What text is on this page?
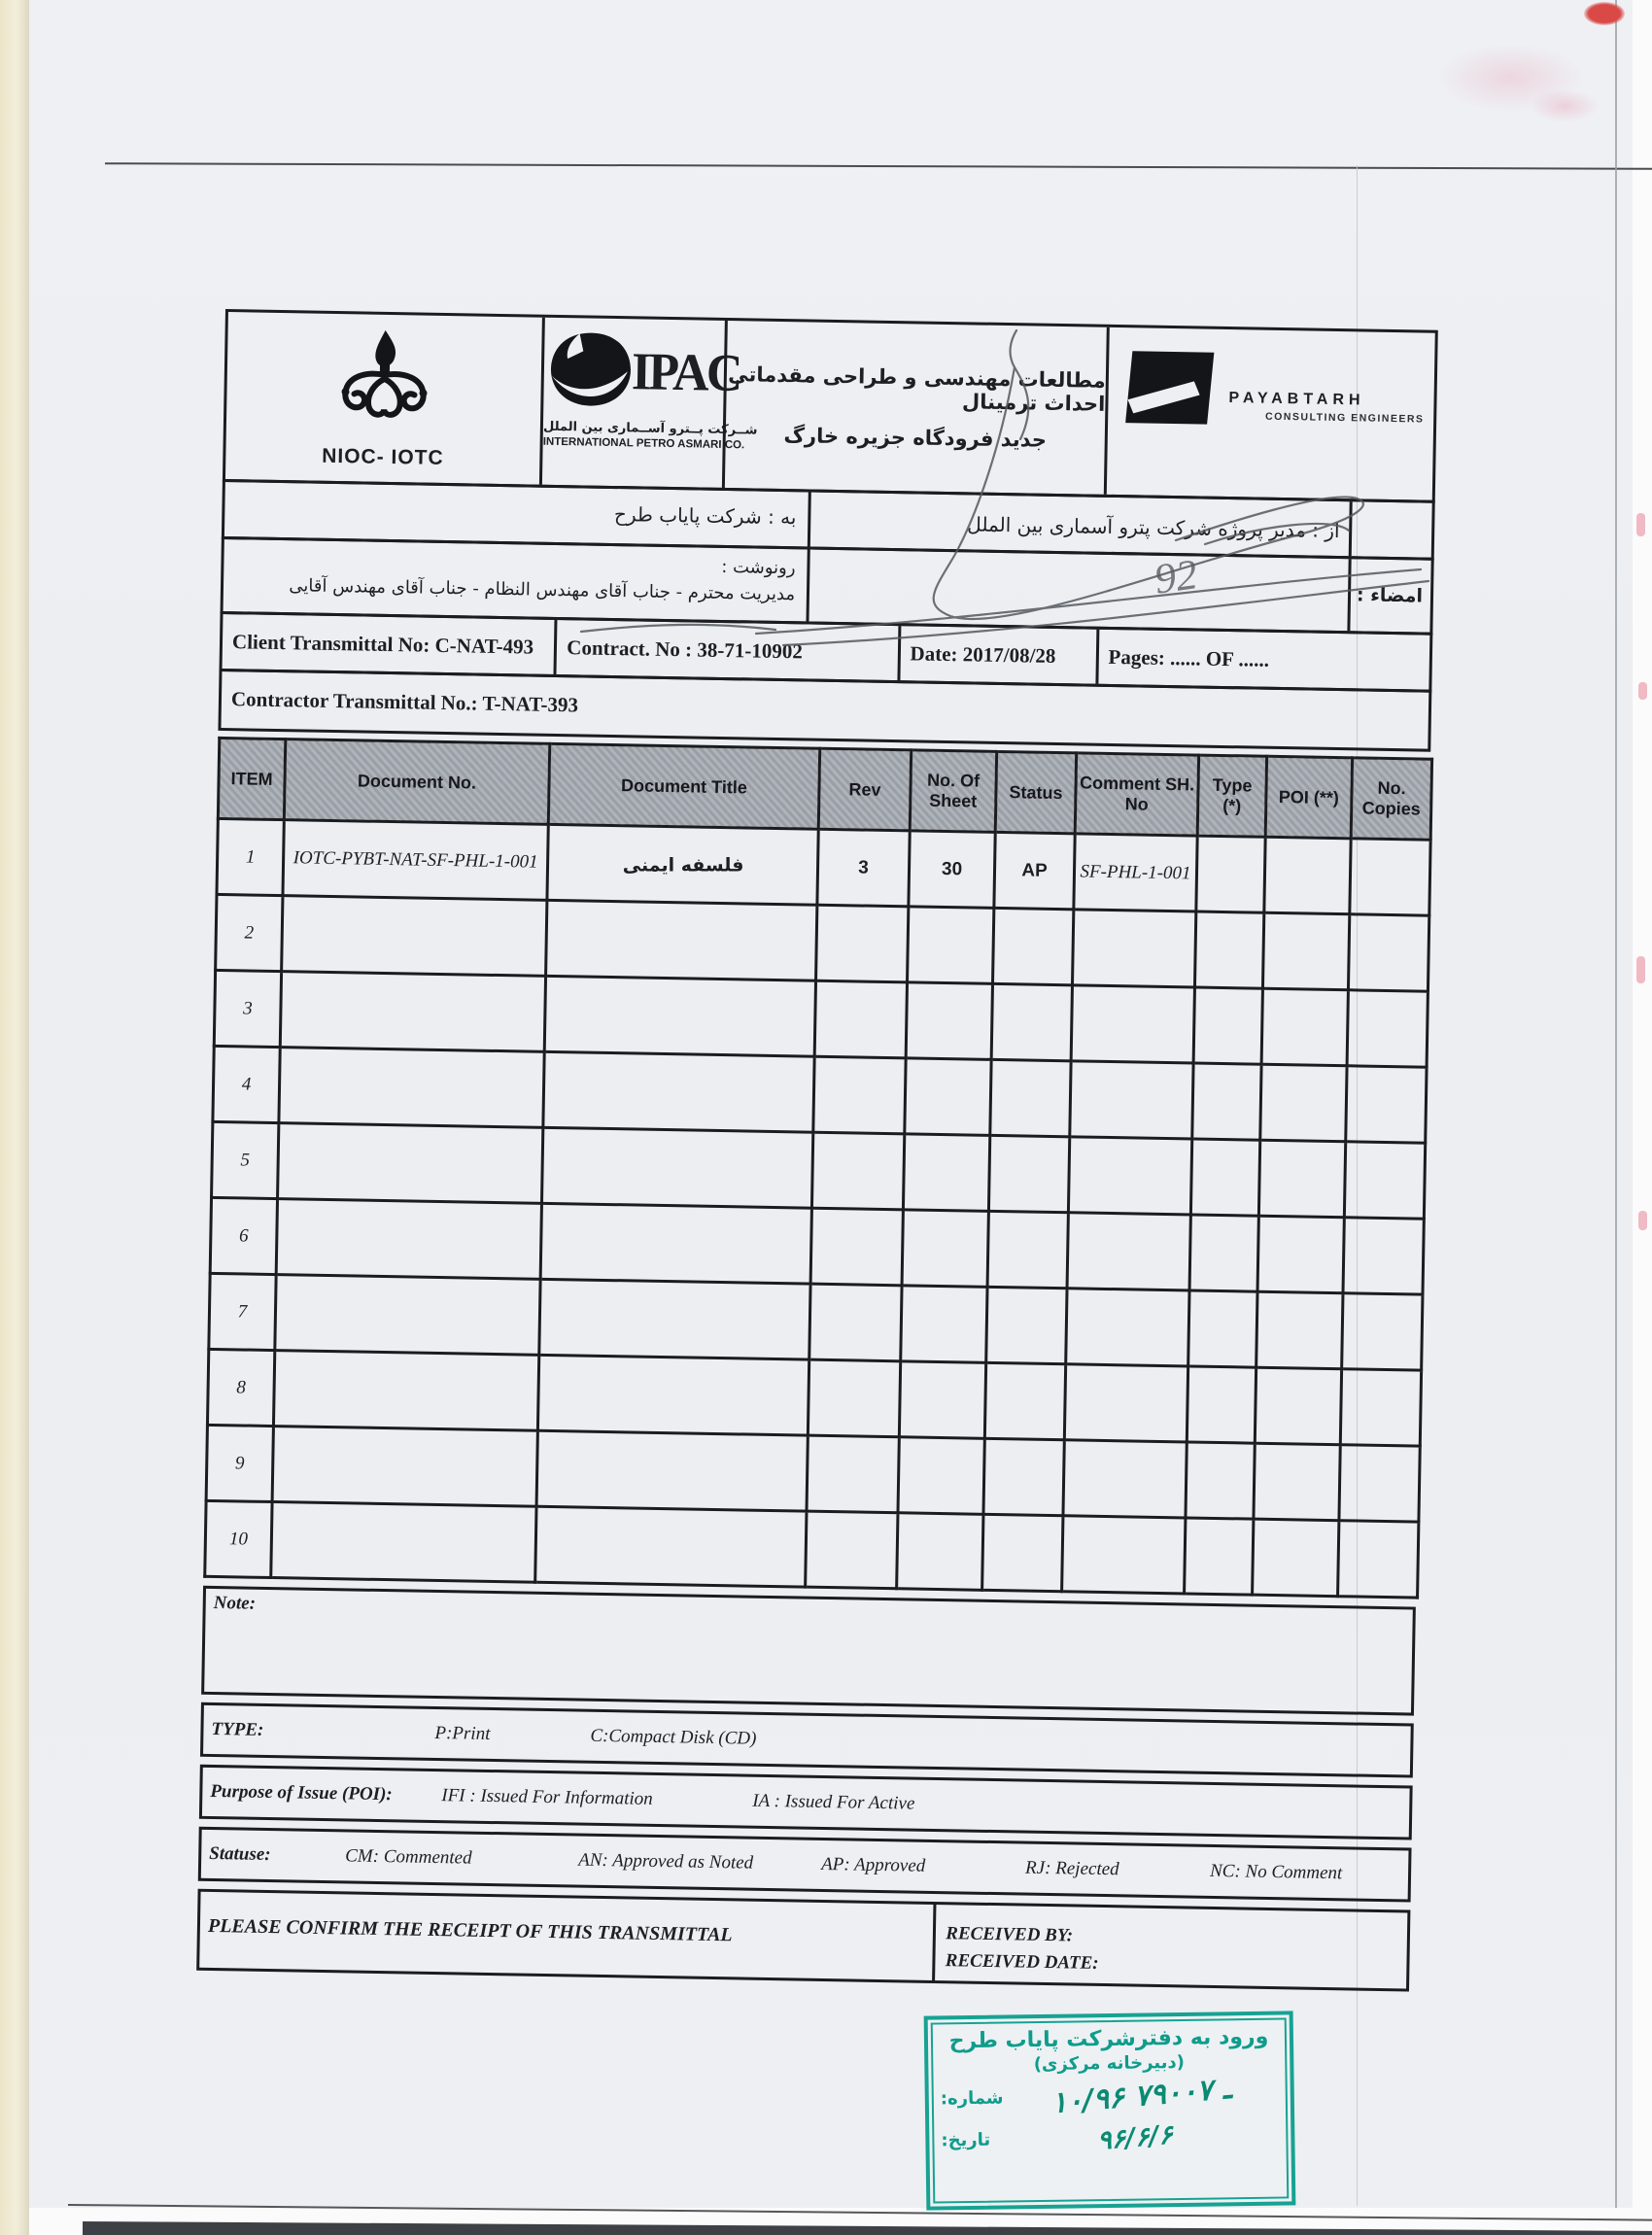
NIOC- IOTC
IPAC
شــرکت پــترو آســماری بین الملل
INTERNATIONAL PETRO ASMARI CO.
مطالعات مهندسی و طراحی مقدماتی احداث ترمینال
جدید فرودگاه جزیره خارگ
PAYABTARH
CONSULTING ENGINEERS
به : شرکت پایاب طرح	از : مدیر پروژه شرکت پترو آسماری بین الملل
رونوشت :
مدیریت محترم - جناب آقای مهندس النظام - جناب آقای مهندس آقایی	امضاء :
Client Transmittal No: C-NAT-493	Contract. No : 38-71-10902	Date: 2017/08/28	Pages: ...... OF ......
Contractor Transmittal No.: T-NAT-393
ITEM	Document No.	Document Title	Rev	No. Of Sheet	Status	Comment SH. No	Type (*)	POI (**)	No. Copies
1	IOTC-PYBT-NAT-SF-PHL-1-001	فلسفه ایمنی	3	30	AP	SF-PHL-1-001			
2									
3									
4									
5									
6									
7									
8									
9									
10									
Note:
TYPE:	P:Print	C:Compact Disk (CD)
Purpose of Issue (POI):	IFI : Issued For Information	IA : Issued For Active
Statuse:	CM: Commented	AN: Approved as Noted	AP: Approved	RJ: Rejected	NC: No Comment
PLEASE CONFIRM THE RECEIPT OF THIS TRANSMITTAL	RECEIVED BY:
RECEIVED DATE:
92
ورود به دفترشرکت پایاب طرح
(دبیرخانه مرکزی)
شماره:	۱۰/۹۶ ـ ۷۹۰۰۷
تاریخ:	۹۶/۶/۶
